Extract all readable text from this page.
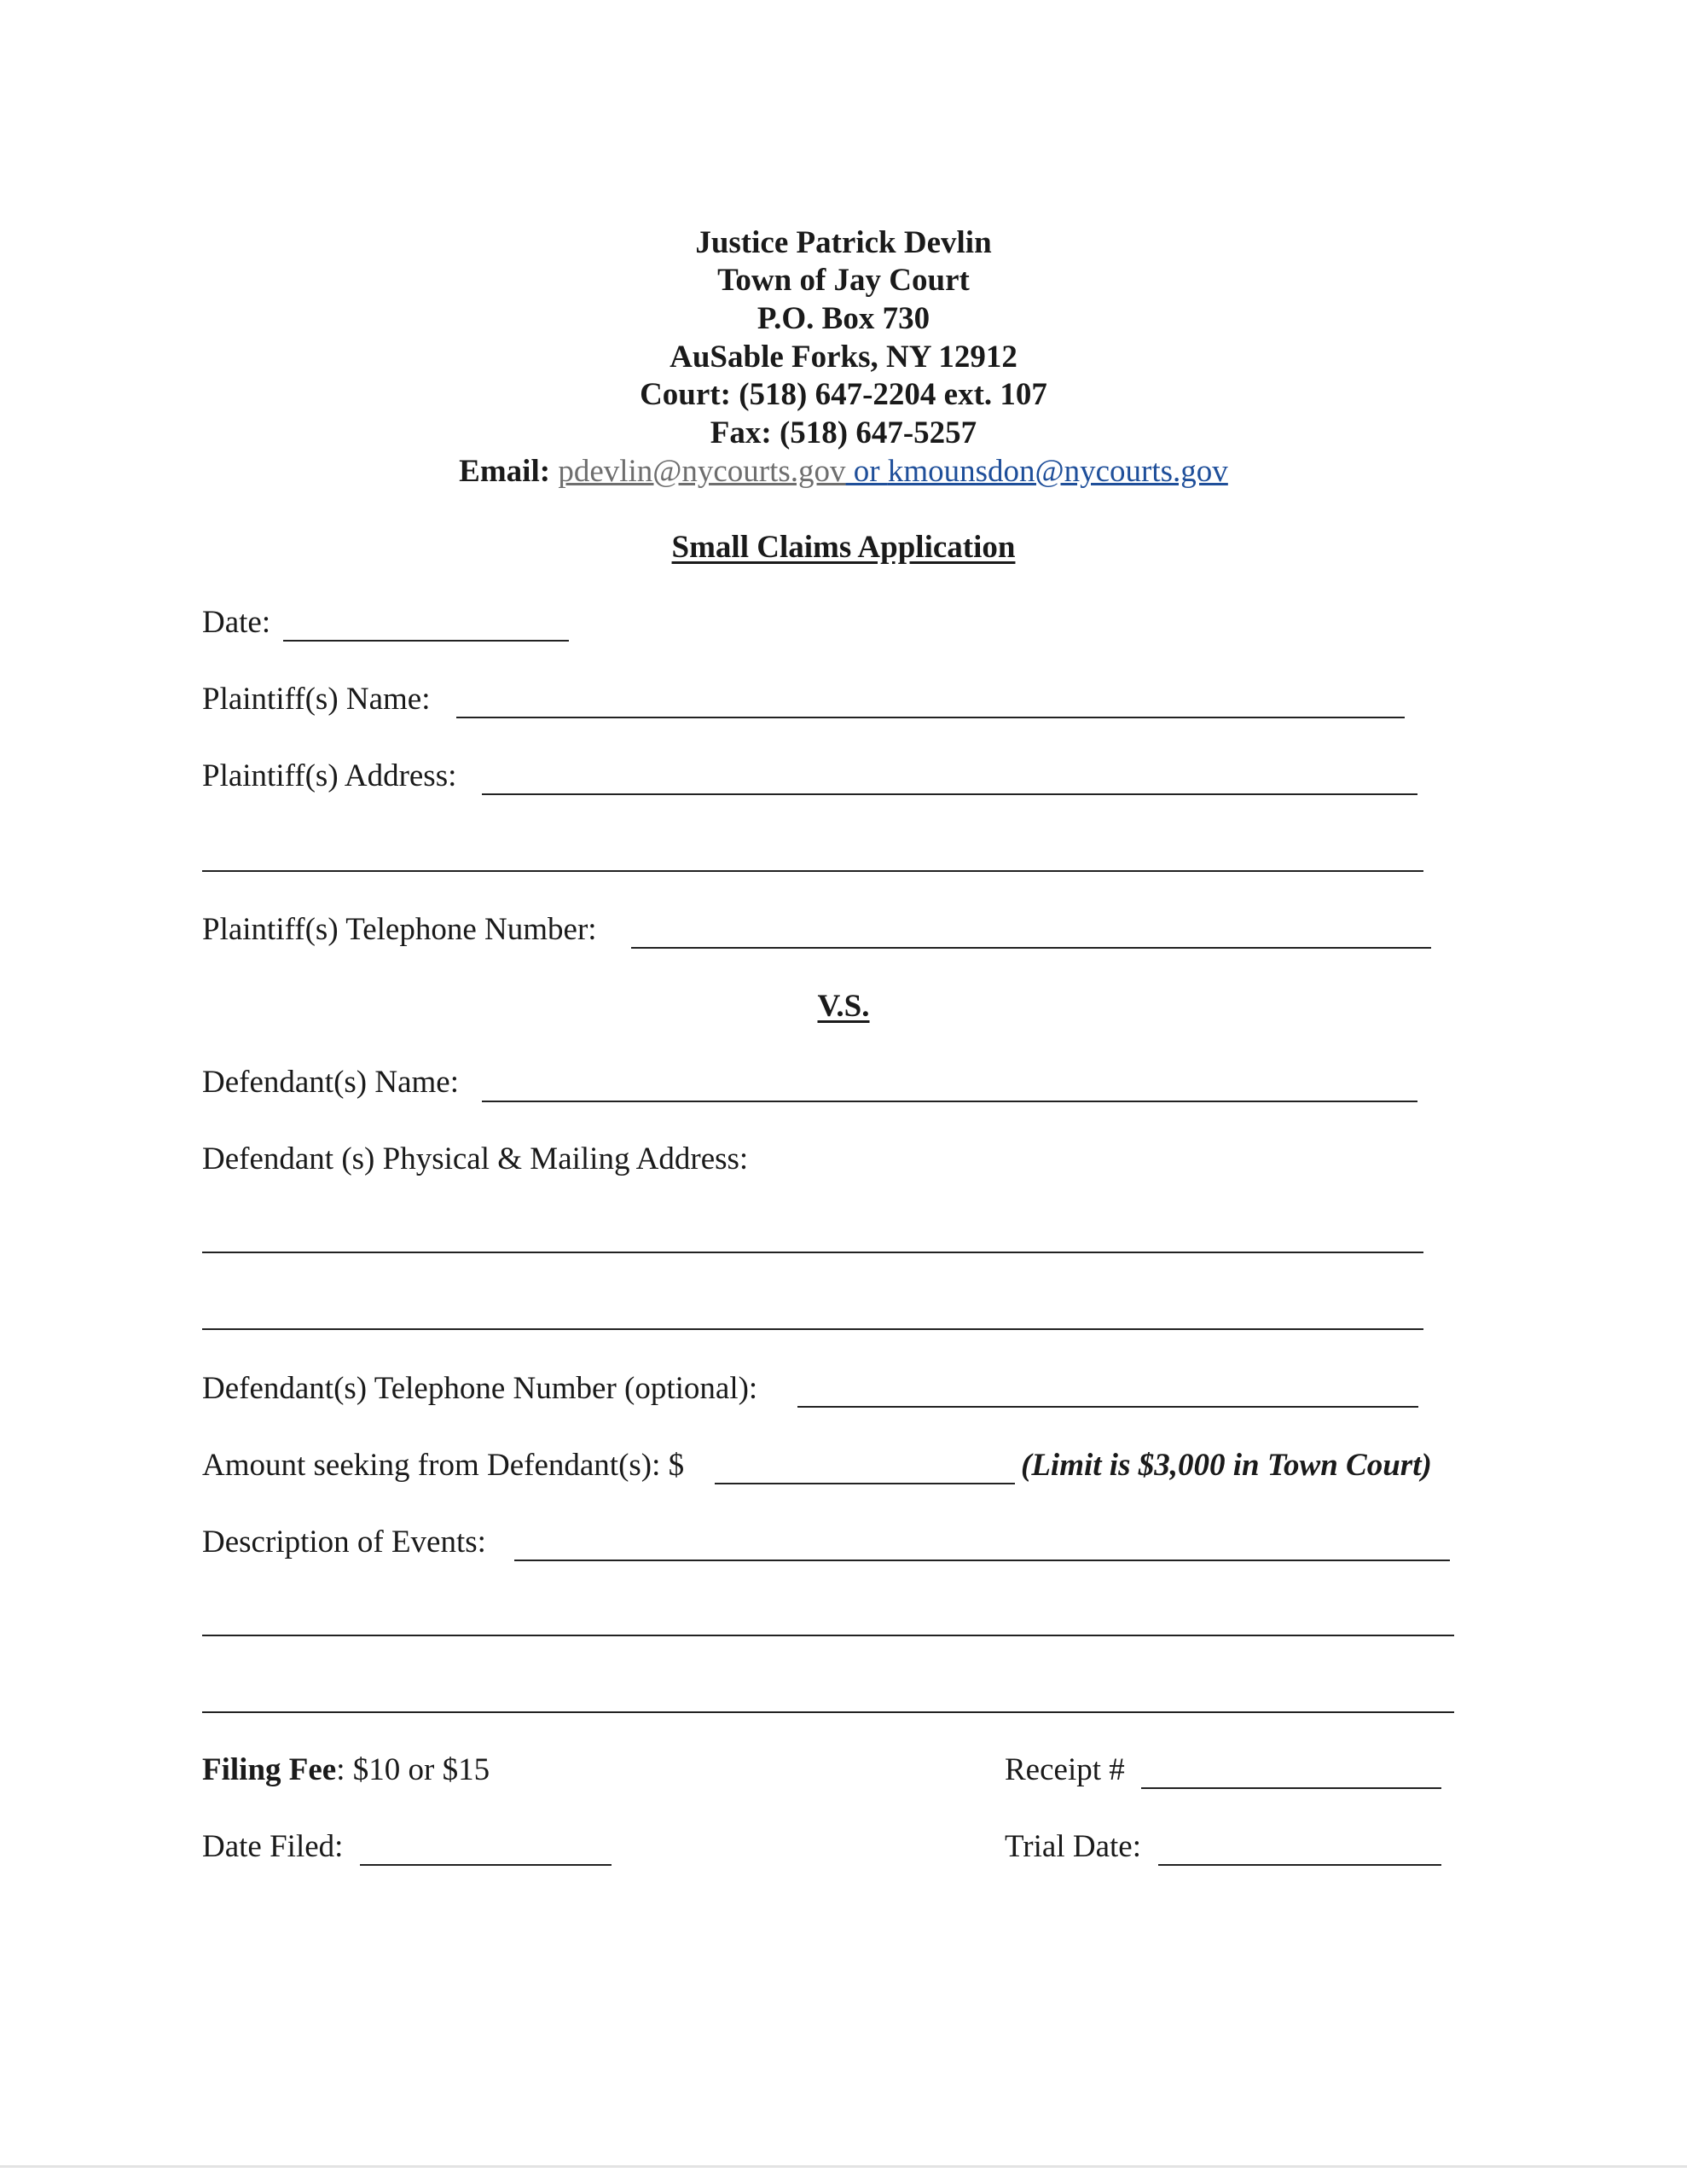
Justice Patrick Devlin
Town of Jay Court
P.O. Box 730
AuSable Forks, NY 12912
Court: (518) 647-2204 ext. 107
Fax: (518) 647-5257
Email: pdevlin@nycourts.gov or kmounsdon@nycourts.gov
Small Claims Application
Date:
Plaintiff(s) Name:
Plaintiff(s) Address:
Plaintiff(s) Telephone Number:
V.S.
Defendant(s) Name:
Defendant (s) Physical & Mailing Address:
Defendant(s) Telephone Number (optional):
Amount seeking from Defendant(s): $	(Limit is $3,000 in Town Court)
Description of Events:
Filing Fee: $10 or $15	Receipt #
Date Filed:	Trial Date:
